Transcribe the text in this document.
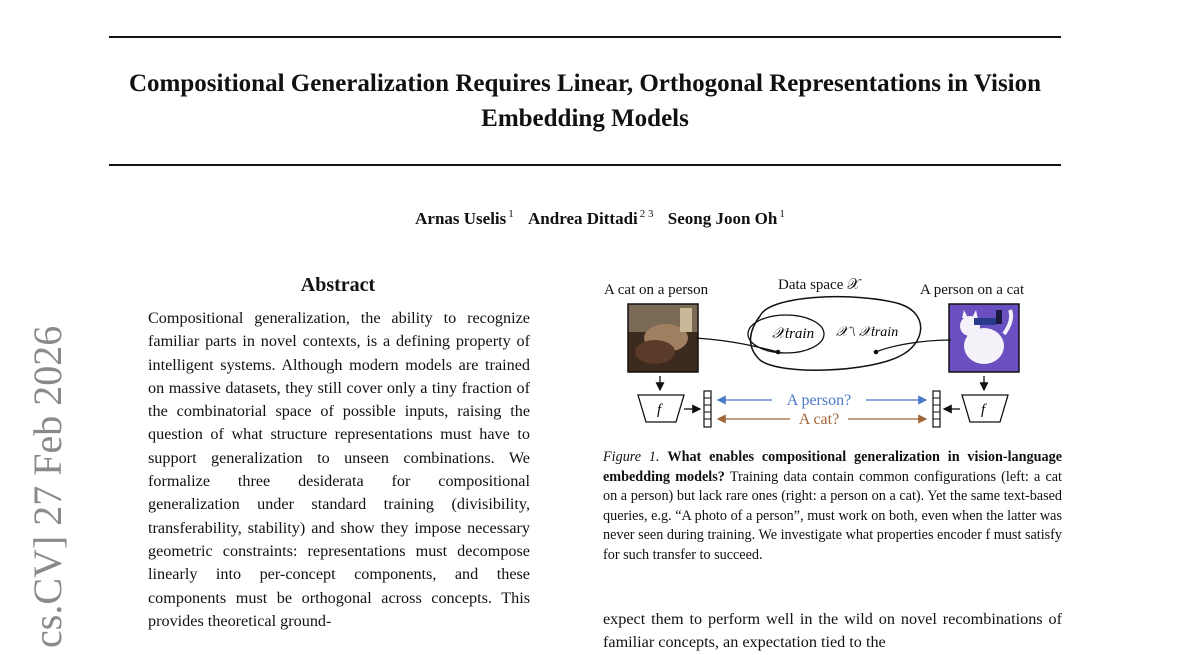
Compositional Generalization Requires Linear, Orthogonal Representations in Vision Embedding Models
Arnas Uselis $^1$ Andrea Dittadi $^{2 3}$ Seong Joon Oh $^1$
cs.CV] 27 Feb 2026
Abstract

Compositional generalization, the ability to recognize familiar parts in novel contexts, is a defining property of intelligent systems. Although modern models are trained on massive datasets, they still cover only a tiny fraction of the combinatorial space of possible inputs, raising the question of what structure representations must have to support generalization to unseen combinations. We formalize three desiderata for compositional generalization under standard training (divisibility, transferability, stability) and show they impose necessary geometric constraints: representations must decompose linearly into per-concept components, and these components must be orthogonal across concepts. This provides theoretical ground-

A cat on a person	Data space 𝒳	A person on a cat
𝒳train 𝒳 \ 𝒳train
f	f
A person?
A cat?

Figure 1. What enables compositional generalization in vision-language embedding models? Training data contain common configurations (left: a cat on a person) but lack rare ones (right: a person on a cat). Yet the same text-based queries, e.g. “A photo of a person”, must work on both, even when the latter was never seen during training. We investigate what properties encoder f must satisfy for such transfer to succeed.

expect them to perform well in the wild on novel recombinations of familiar concepts, an expectation tied to the
